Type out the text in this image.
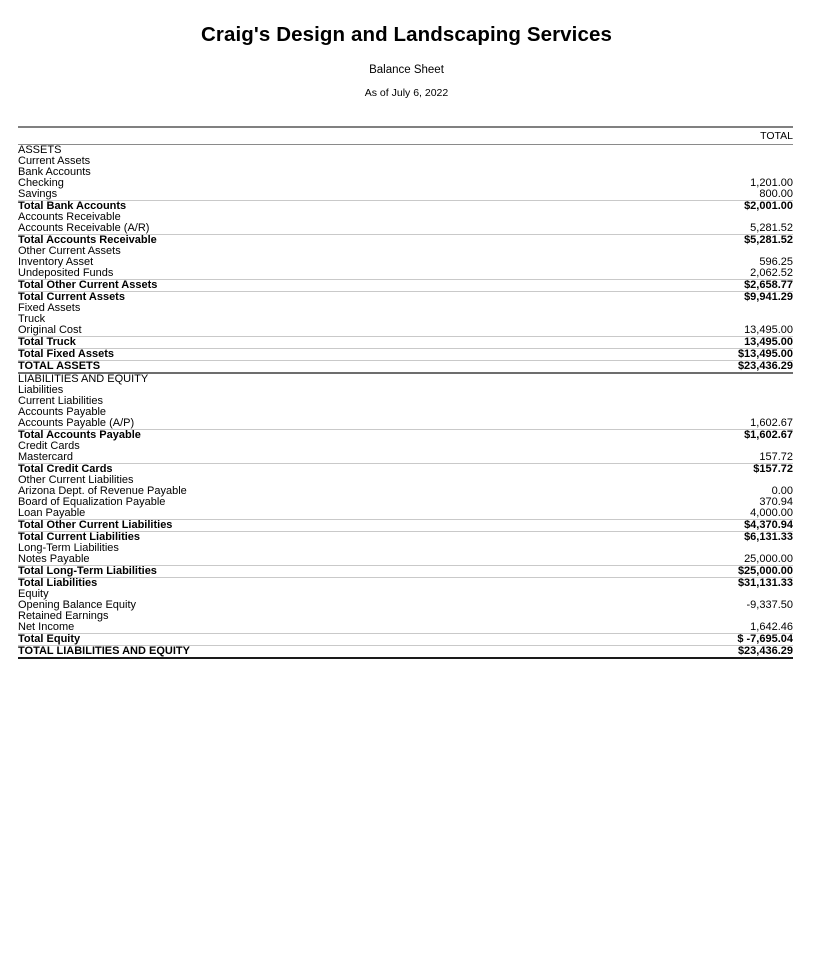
Craig's Design and Landscaping Services
Balance Sheet
As of July 6, 2022
	TOTAL
ASSETS	
Current Assets	
Bank Accounts	
Checking	1,201.00
Savings	800.00
Total Bank Accounts	$2,001.00
Accounts Receivable	
Accounts Receivable (A/R)	5,281.52
Total Accounts Receivable	$5,281.52
Other Current Assets	
Inventory Asset	596.25
Undeposited Funds	2,062.52
Total Other Current Assets	$2,658.77
Total Current Assets	$9,941.29
Fixed Assets	
Truck	
Original Cost	13,495.00
Total Truck	13,495.00
Total Fixed Assets	$13,495.00
TOTAL ASSETS	$23,436.29
LIABILITIES AND EQUITY	
Liabilities	
Current Liabilities	
Accounts Payable	
Accounts Payable (A/P)	1,602.67
Total Accounts Payable	$1,602.67
Credit Cards	
Mastercard	157.72
Total Credit Cards	$157.72
Other Current Liabilities	
Arizona Dept. of Revenue Payable	0.00
Board of Equalization Payable	370.94
Loan Payable	4,000.00
Total Other Current Liabilities	$4,370.94
Total Current Liabilities	$6,131.33
Long-Term Liabilities	
Notes Payable	25,000.00
Total Long-Term Liabilities	$25,000.00
Total Liabilities	$31,131.33
Equity	
Opening Balance Equity	-9,337.50
Retained Earnings	
Net Income	1,642.46
Total Equity	$ -7,695.04
TOTAL LIABILITIES AND EQUITY	$23,436.29
